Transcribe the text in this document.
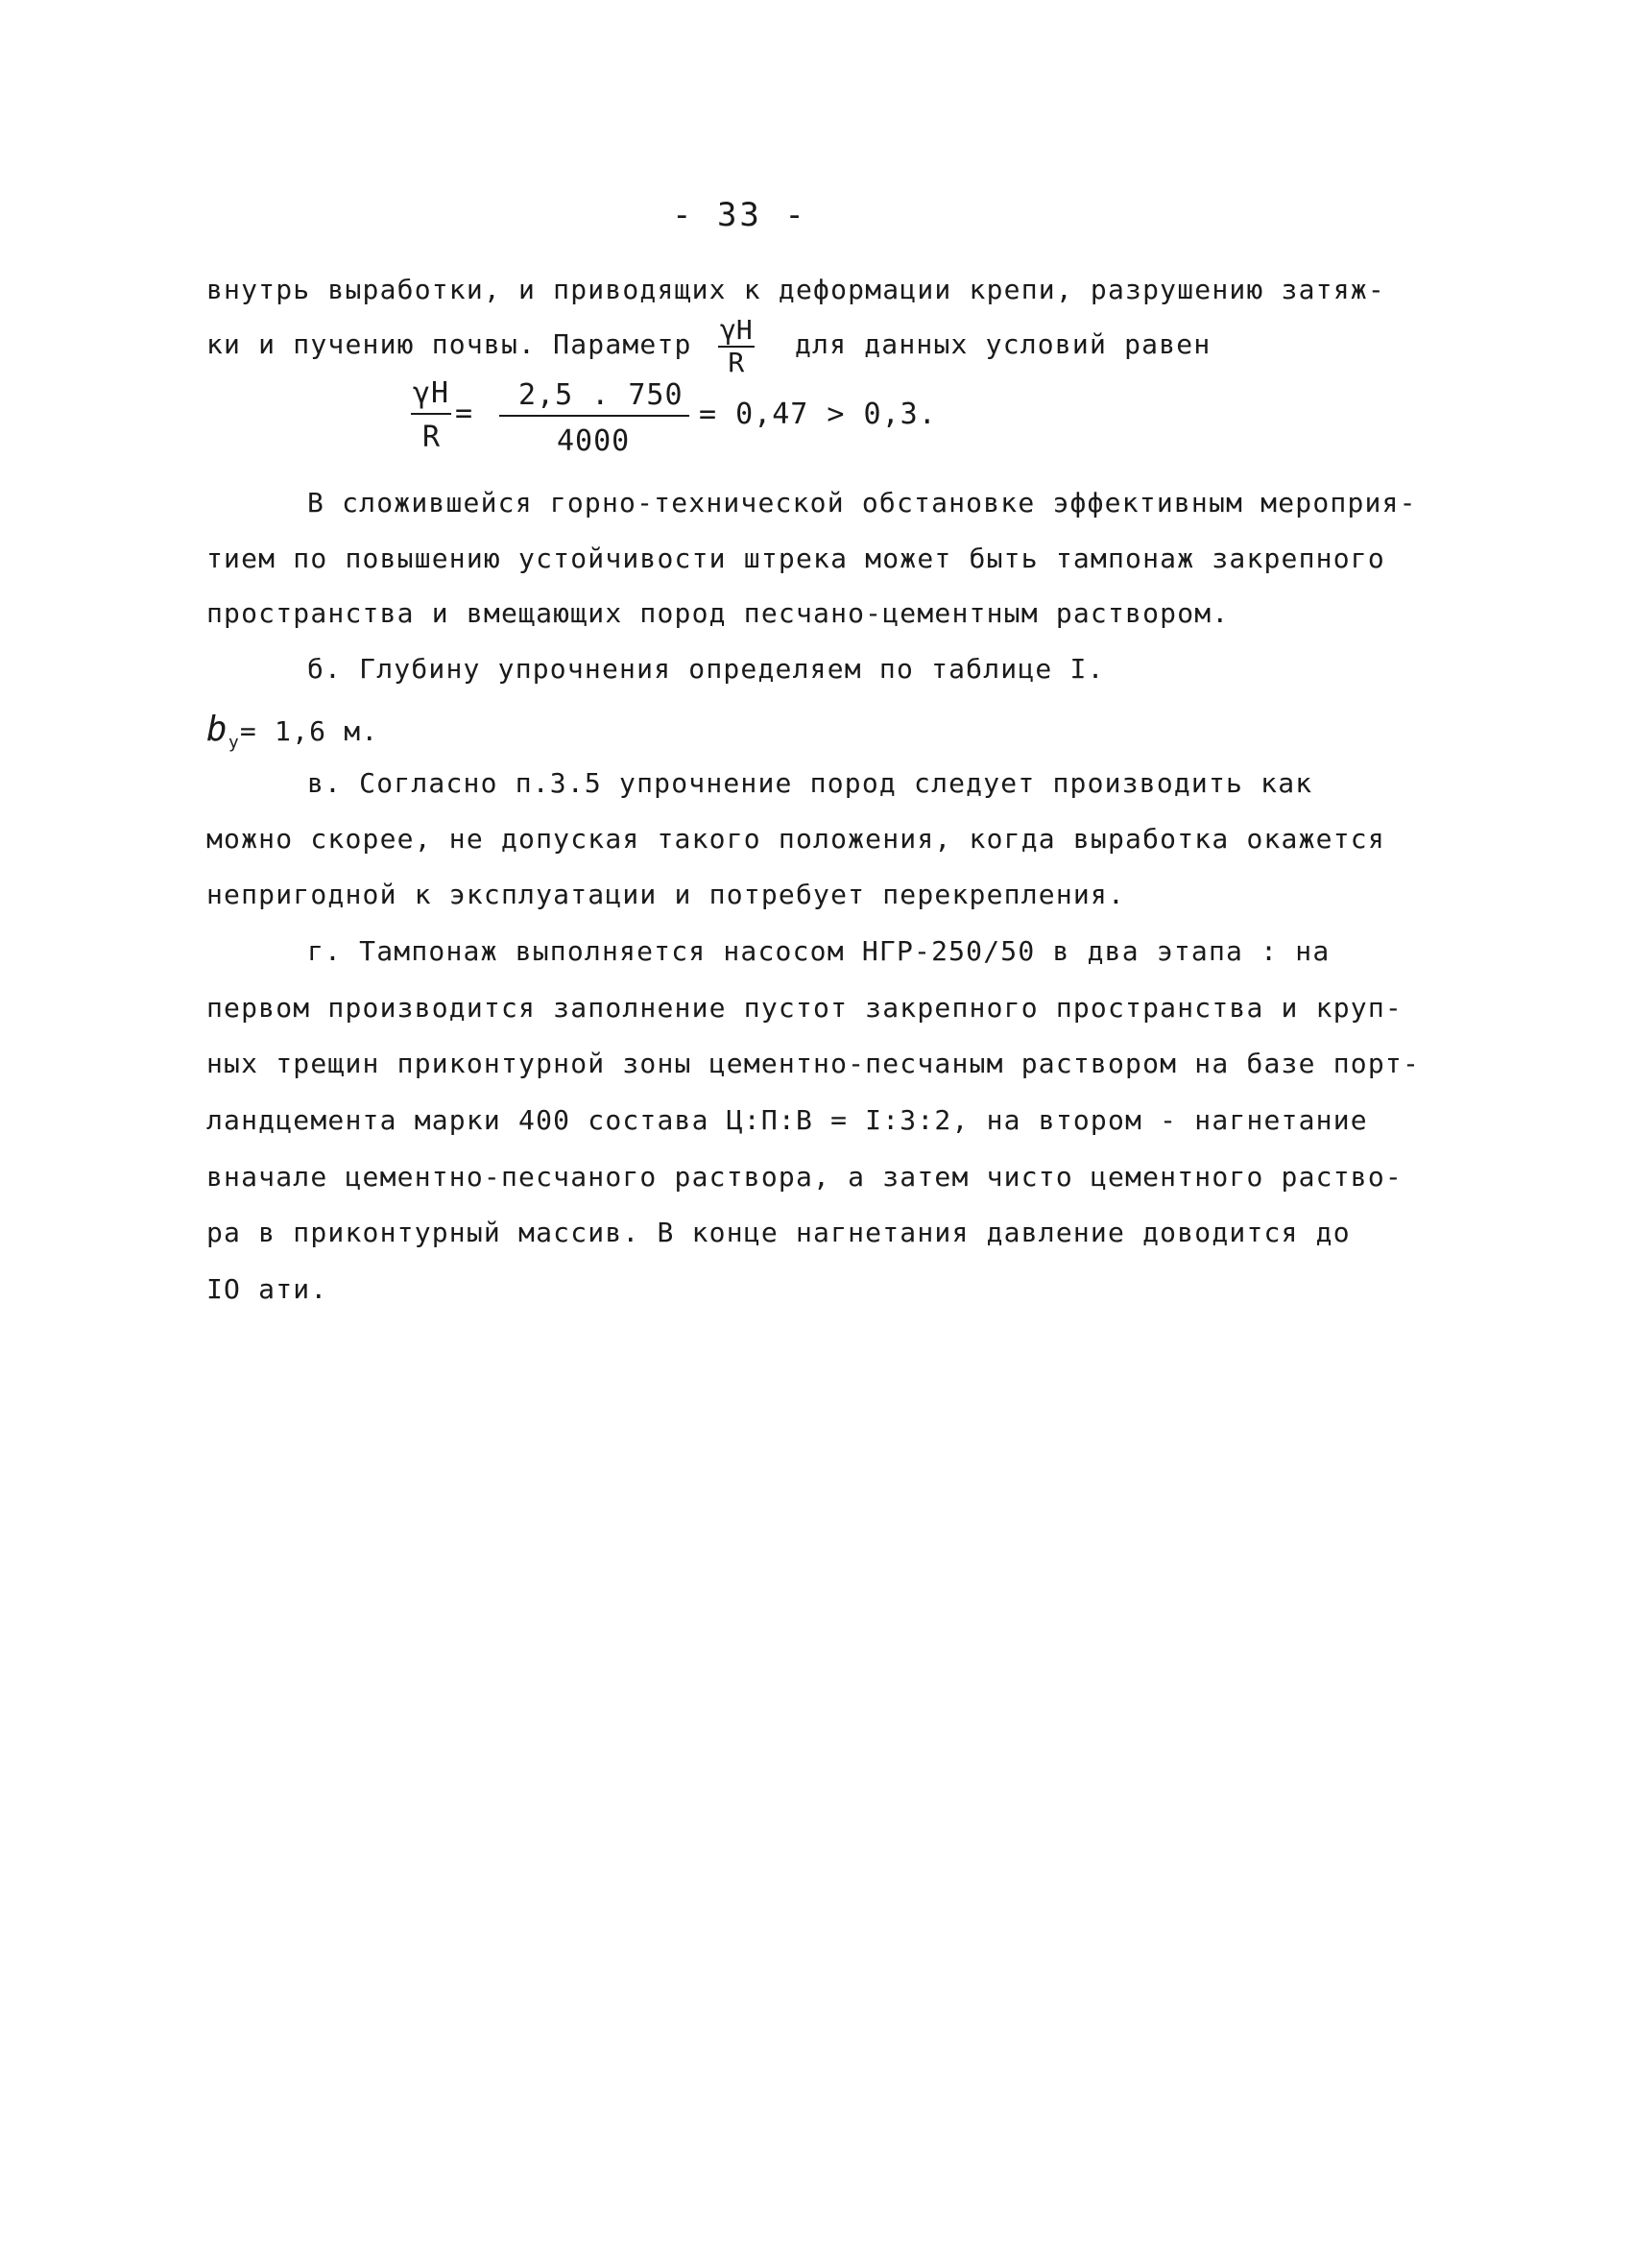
- 33 -
внутрь выработки, и приводящих к деформации крепи, разрушению затяж-
ки и пучению почвы. Параметр $\frac{\gamma H}{R}$ для данных условий равен
γH
R
=
2,5 . 750
4000
= 0,47 > 0,3.
В сложившейся горно-технической обстановке эффективным мероприя-
тием по повышению устойчивости штрека может быть тампонаж закрепного
пространства и вмещающих пород песчано-цементным раствором.
б. Глубину упрочнения определяем по таблице I.
$b_у= 1,6$ м.
в. Согласно п.3.5 упрочнение пород следует производить как
можно скорее, не допуская такого положения, когда выработка окажется
непригодной к эксплуатации и потребует перекрепления.
г. Тампонаж выполняется насосом НГР-250/50 в два этапа : на
первом производится заполнение пустот закрепного пространства и круп-
ных трещин приконтурной зоны цементно-песчаным раствором на базе порт-
ландцемента марки 400 состава Ц:П:В = I:3:2, на втором - нагнетание
вначале цементно-песчаного раствора, а затем чисто цементного раство-
ра в приконтурный массив. В конце нагнетания давление доводится до
IO ати.
